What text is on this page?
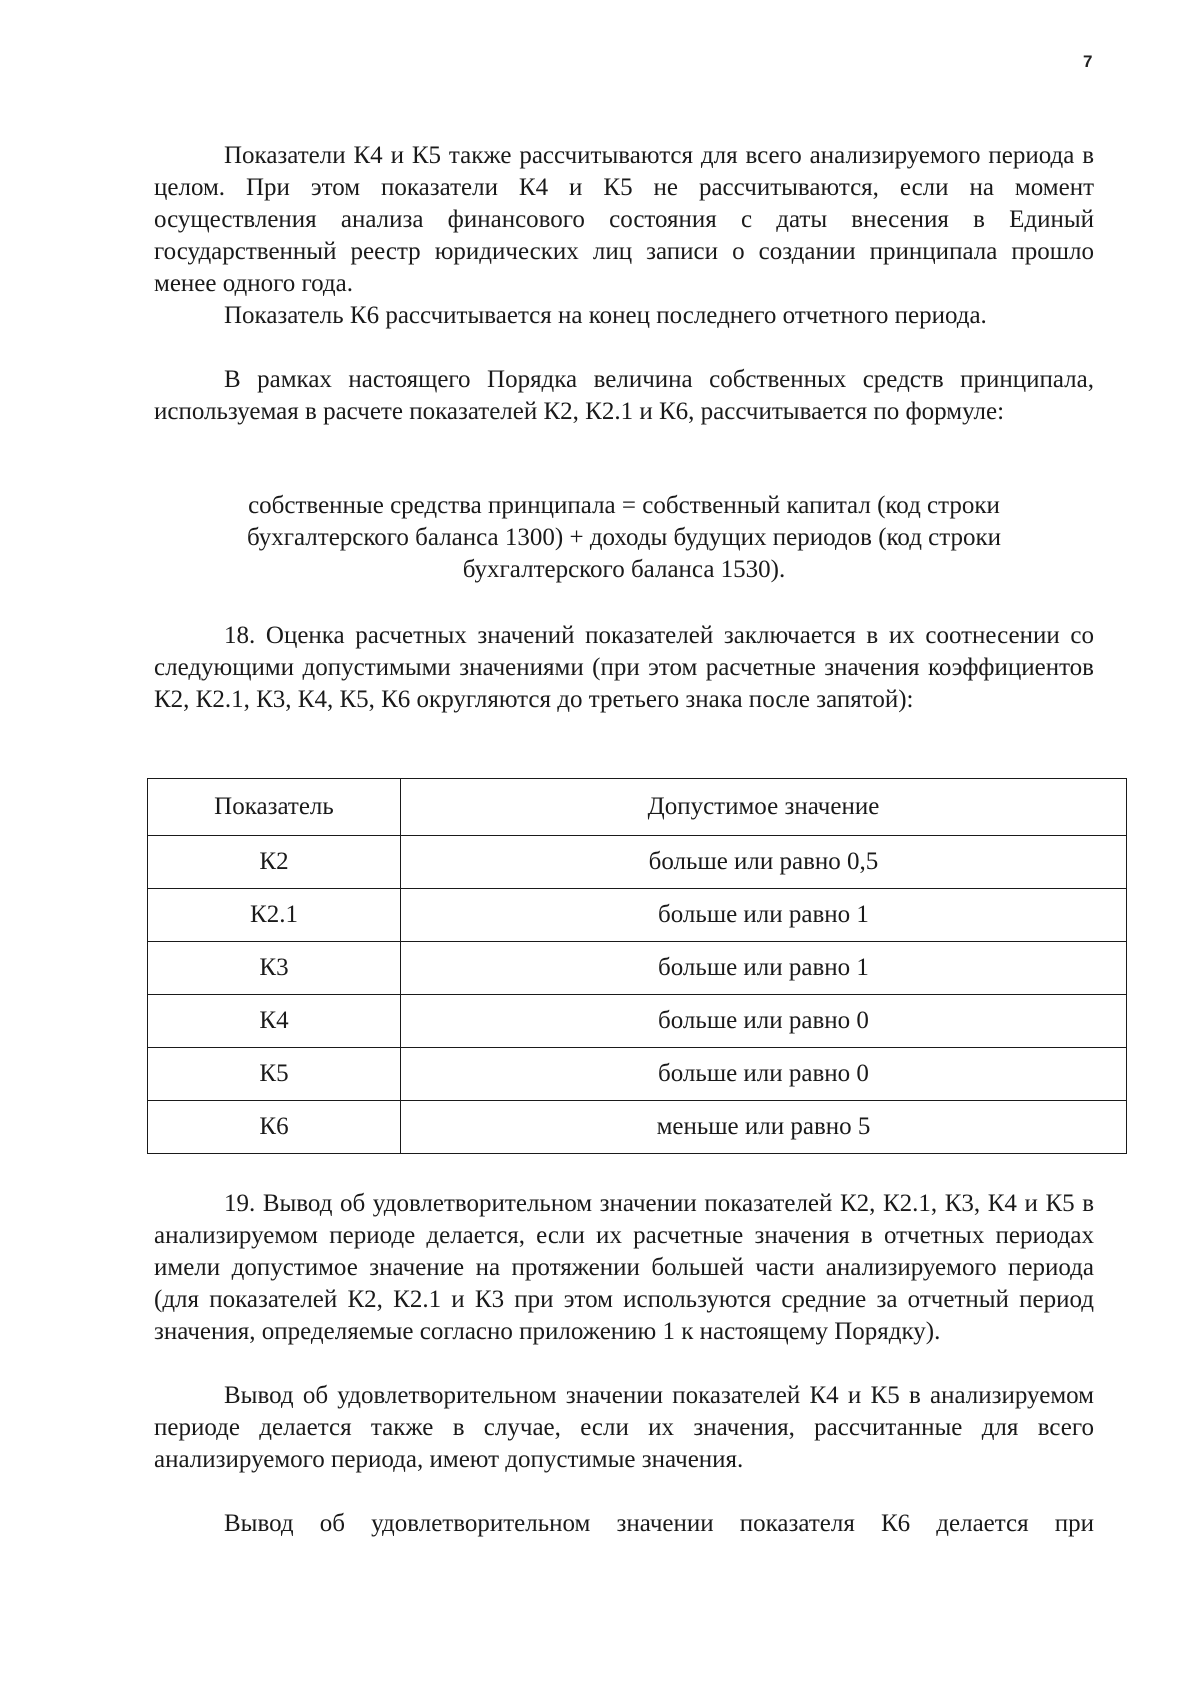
7

Показатели К4 и К5 также рассчитываются для всего анализируемого периода в целом. При этом показатели К4 и К5 не рассчитываются, если на момент осуществления анализа финансового состояния с даты внесения в Единый государственный реестр юридических лиц записи о создании принципала прошло менее одного года.

Показатель К6 рассчитывается на конец последнего отчетного периода.

В рамках настоящего Порядка величина собственных средств принципала, используемая в расчете показателей К2, К2.1 и К6, рассчитывается по формуле:

собственные средства принципала = собственный капитал (код строки
бухгалтерского баланса 1300) + доходы будущих периодов (код строки
бухгалтерского баланса 1530).

18. Оценка расчетных значений показателей заключается в их соотнесении со следующими допустимыми значениями (при этом расчетные значения коэффициентов К2, К2.1, К3, К4, К5, К6 округляются до третьего знака после запятой):

Показатель	Допустимое значение
К2	больше или равно 0,5
К2.1	больше или равно 1
К3	больше или равно 1
К4	больше или равно 0
К5	больше или равно 0
К6	меньше или равно 5

19. Вывод об удовлетворительном значении показателей К2, К2.1, К3, К4 и К5 в анализируемом периоде делается, если их расчетные значения в отчетных периодах имели допустимое значение на протяжении большей части анализируемого периода (для показателей К2, К2.1 и К3 при этом используются средние за отчетный период значения, определяемые согласно приложению 1 к настоящему Порядку).

Вывод об удовлетворительном значении показателей К4 и К5 в анализируемом периоде делается также в случае, если их значения, рассчитанные для всего анализируемого периода, имеют допустимые значения.

Вывод об удовлетворительном значении показателя К6 делается при
